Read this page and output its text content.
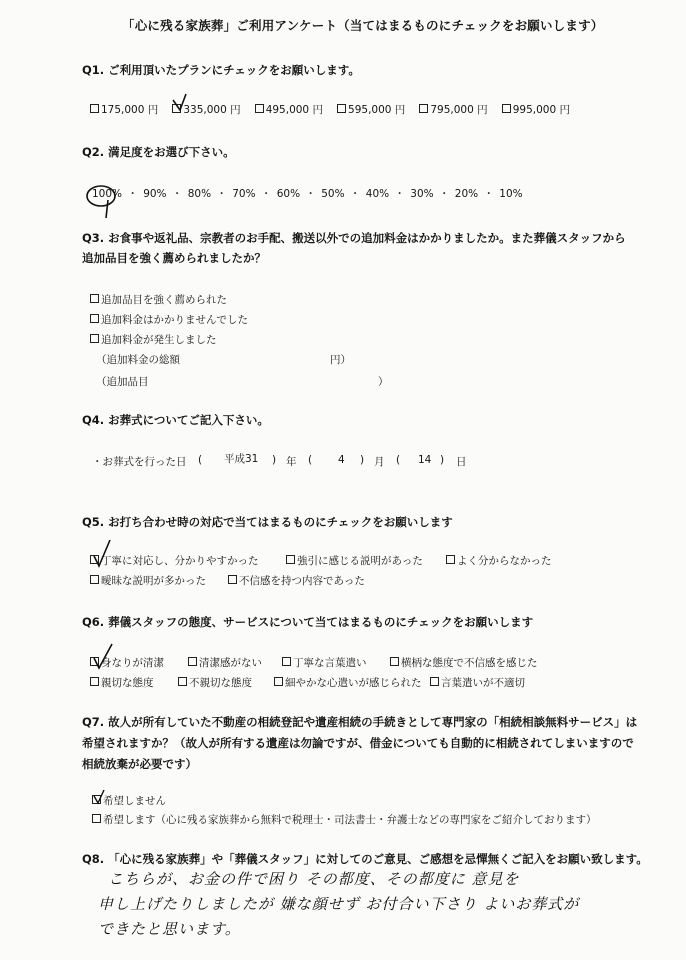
「心に残る家族葬」ご利用アンケート（当てはまるものにチェックをお願いします）
Q1. ご利用頂いたプランにチェックをお願いします。
175,000 円	335,000 円	495,000 円	595,000 円	795,000 円	995,000 円
Q2. 満足度をお選び下さい。
100% ・ 90% ・ 80% ・ 70% ・ 60% ・ 50% ・ 40% ・ 30% ・ 20% ・ 10%
Q3. お食事や返礼品、宗教者のお手配、搬送以外での追加料金はかかりましたか。また葬儀スタッフから
追加品目を強く薦められましたか？
追加品目を強く薦められた
追加料金はかかりませんでした
追加料金が発生しました
（追加料金の総額	円）
（追加品目	）
Q4. お葬式についてご記入下さい。
・お葬式を行った日 ( 平成31 ) 年 ( 4 ) 月 ( 14 ) 日
Q5. お打ち合わせ時の対応で当てはまるものにチェックをお願いします
丁寧に対応し、分かりやすかった	強引に感じる説明があった	よく分からなかった
曖昧な説明が多かった	不信感を持つ内容であった
Q6. 葬儀スタッフの態度、サービスについて当てはまるものにチェックをお願いします
身なりが清潔	清潔感がない	丁寧な言葉遣い	横柄な態度で不信感を感じた
親切な態度	不親切な態度	細やかな心遣いが感じられた	言葉遣いが不適切
Q7. 故人が所有していた不動産の相続登記や遺産相続の手続きとして専門家の「相続相談無料サービス」は
希望されますか？（故人が所有する遺産は勿論ですが、借金についても自動的に相続されてしまいますので
相続放棄が必要です）
希望しません
希望します（心に残る家族葬から無料で税理士・司法書士・弁護士などの専門家をご紹介しております）
Q8. 「心に残る家族葬」や「葬儀スタッフ」に対してのご意見、ご感想を忌憚無くご記入をお願い致します。
こちらが、お金の件で困り その都度、その都度に 意見を
申し上げたりしましたが 嫌な顔せず お付合い下さり よいお葬式が
できたと思います。
